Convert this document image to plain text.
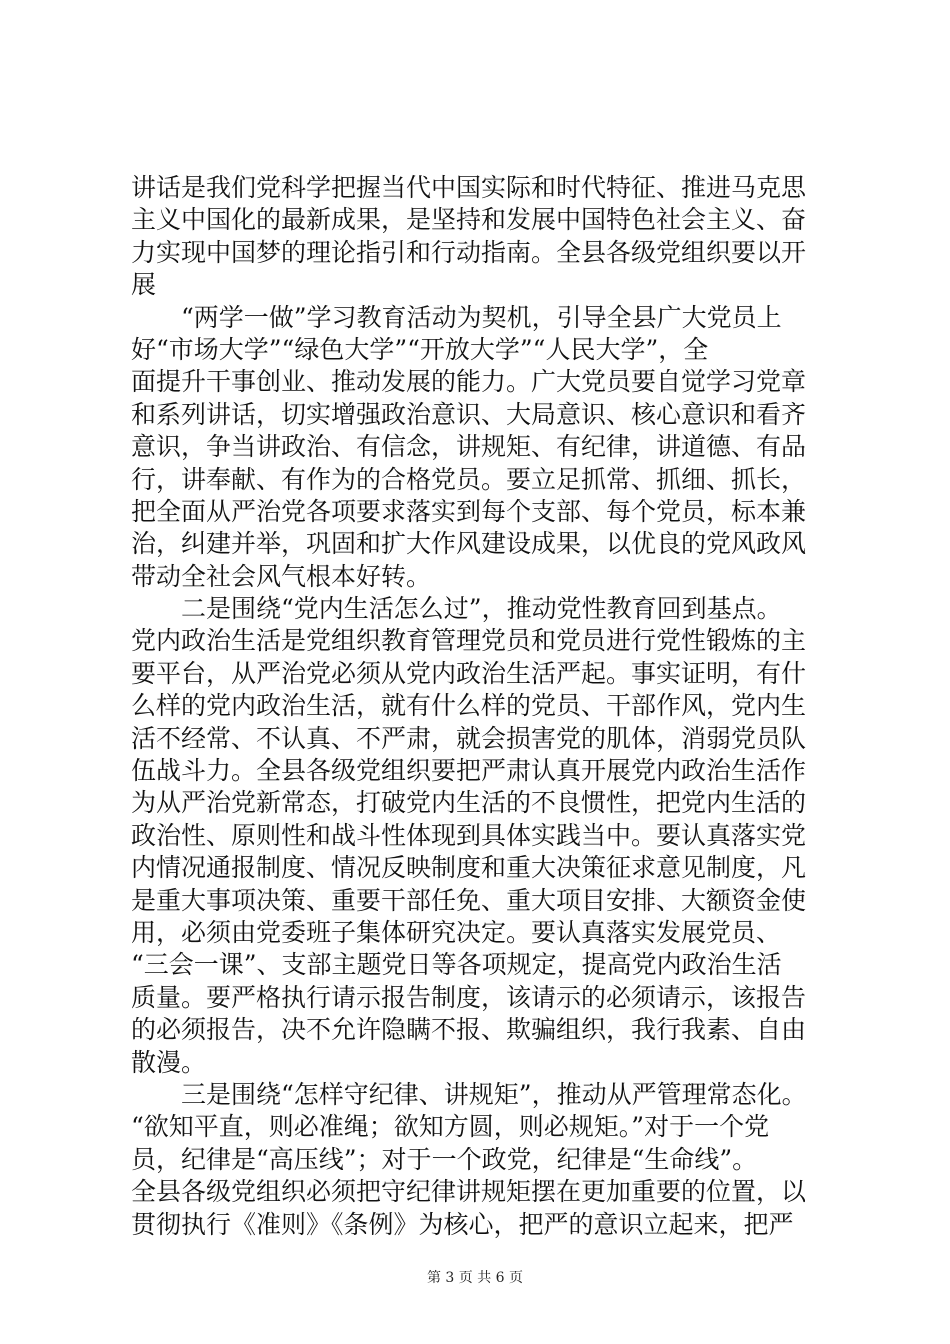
讲话是我们党科学把握当代中国实际和时代特征、推进马克思
主义中国化的最新成果，是坚持和发展中国特色社会主义、奋
力实现中国梦的理论指引和行动指南。全县各级党组织要以开
展
　　“两学一做”学习教育活动为契机，引导全县广大党员上
好“市场大学”“绿色大学”“开放大学”“人民大学”，全
面提升干事创业、推动发展的能力。广大党员要自觉学习党章
和系列讲话，切实增强政治意识、大局意识、核心意识和看齐
意识，争当讲政治、有信念，讲规矩、有纪律，讲道德、有品
行，讲奉献、有作为的合格党员。要立足抓常、抓细、抓长，
把全面从严治党各项要求落实到每个支部、每个党员，标本兼
治，纠建并举，巩固和扩大作风建设成果，以优良的党风政风
带动全社会风气根本好转。
　　二是围绕“党内生活怎么过”，推动党性教育回到基点。
党内政治生活是党组织教育管理党员和党员进行党性锻炼的主
要平台，从严治党必须从党内政治生活严起。事实证明，有什
么样的党内政治生活，就有什么样的党员、干部作风，党内生
活不经常、不认真、不严肃，就会损害党的肌体，消弱党员队
伍战斗力。全县各级党组织要把严肃认真开展党内政治生活作
为从严治党新常态，打破党内生活的不良惯性，把党内生活的
政治性、原则性和战斗性体现到具体实践当中。要认真落实党
内情况通报制度、情况反映制度和重大决策征求意见制度，凡
是重大事项决策、重要干部任免、重大项目安排、大额资金使
用，必须由党委班子集体研究决定。要认真落实发展党员、
“三会一课”、支部主题党日等各项规定，提高党内政治生活
质量。要严格执行请示报告制度，该请示的必须请示，该报告
的必须报告，决不允许隐瞒不报、欺骗组织，我行我素、自由
散漫。
　　三是围绕“怎样守纪律、讲规矩”，推动从严管理常态化。
“欲知平直，则必准绳；欲知方圆，则必规矩。”对于一个党
员，纪律是“高压线”；对于一个政党，纪律是“生命线”。
全县各级党组织必须把守纪律讲规矩摆在更加重要的位置，以
贯彻执行《准则》《条例》为核心，把严的意识立起来，把严
第 3 页 共 6 页
